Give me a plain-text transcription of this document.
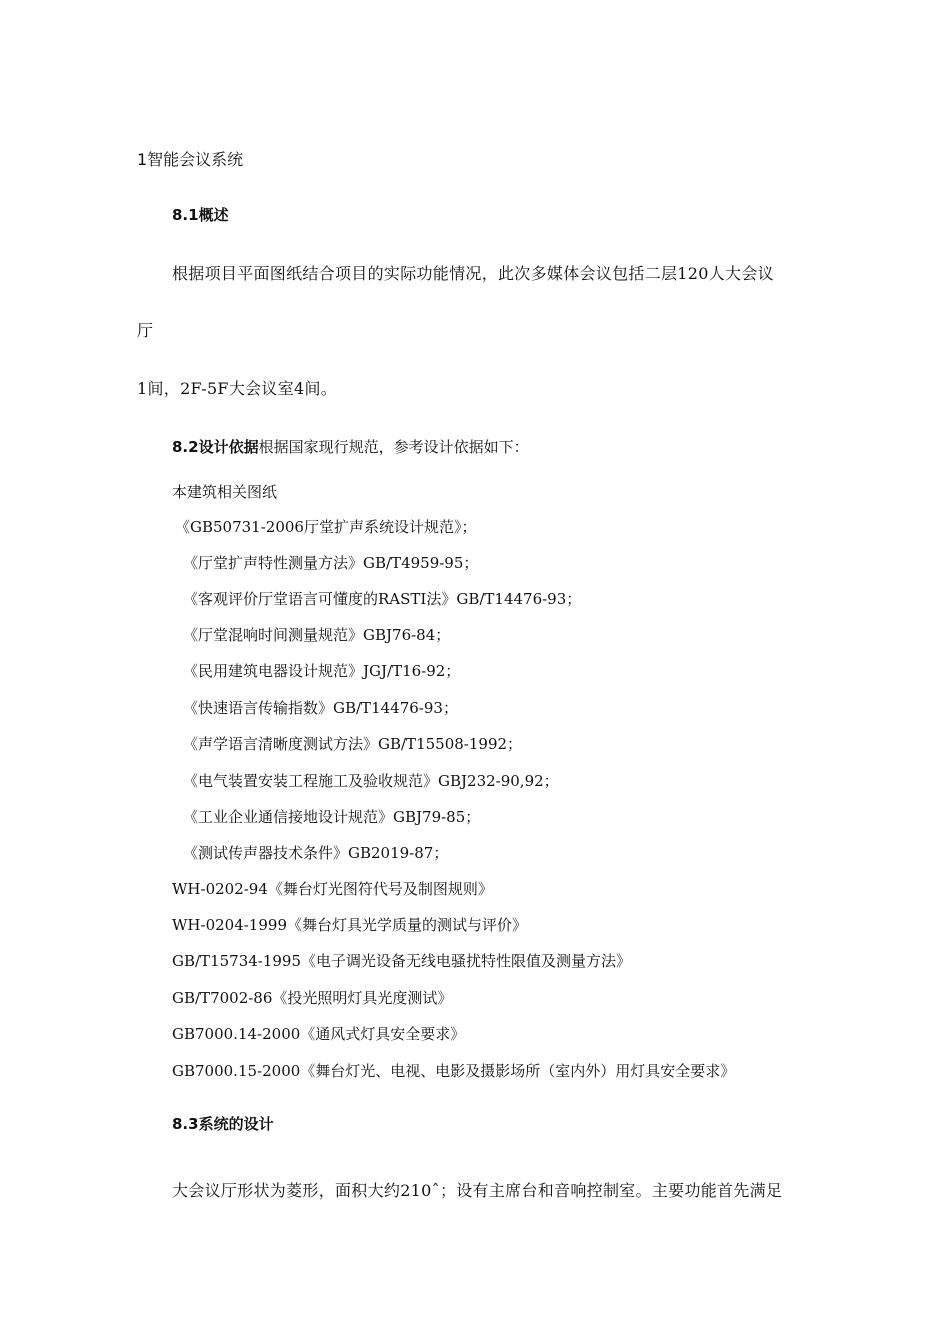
1智能会议系统
8.1概述
根据项目平面图纸结合项目的实际功能情况，此次多媒体会议包括二层120人大会议
厅
1间，2F-5F大会议室4间。
8.2设计依据根据国家现行规范，参考设计依据如下：
本建筑相关图纸
《GB50731-2006厅堂扩声系统设计规范》；
《厅堂扩声特性测量方法》GB/T4959-95；
《客观评价厅堂语言可懂度的RASTI法》GB/T14476-93；
《厅堂混响时间测量规范》GBJ76-84；
《民用建筑电器设计规范》JGJ/T16-92；
《快速语言传输指数》GB/T14476-93；
《声学语言清晰度测试方法》GB/T15508-1992；
《电气装置安装工程施工及验收规范》GBJ232-90,92；
《工业企业通信接地设计规范》GBJ79-85；
《测试传声器技术条件》GB2019-87；
WH-0202-94《舞台灯光图符代号及制图规则》
WH-0204-1999《舞台灯具光学质量的测试与评价》
GB/T15734-1995《电子调光设备无线电骚扰特性限值及测量方法》
GB/T7002-86《投光照明灯具光度测试》
GB7000.14-2000《通风式灯具安全要求》
GB7000.15-2000《舞台灯光、电视、电影及摄影场所（室内外）用灯具安全要求》
8.3系统的设计
大会议厅形状为菱形，面积大约210ˆ；设有主席台和音响控制室。主要功能首先满足
